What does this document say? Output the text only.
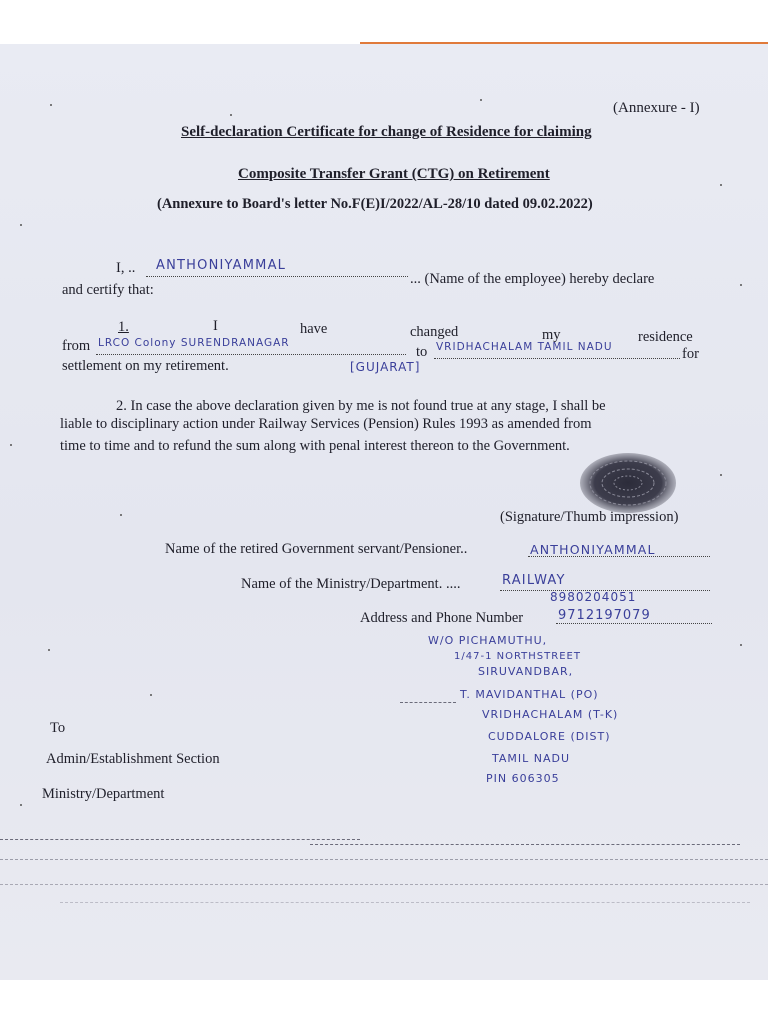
(Annexure - I)
Self-declaration Certificate for change of Residence for claiming
Composite Transfer Grant (CTG) on Retirement
(Annexure to Board's letter No.F(E)I/2022/AL-28/10 dated 09.02.2022)
I, .. ANTHONIYAMMAL
... (Name of the employee) hereby declare
and certify that:
1.	I	have	changed	my	residence
from LRCO Colony SURENDRANAGAR
to VRIDHACHALAM TAMIL NADU	for
settlement on my retirement.	[GUJARAT]
2. In case the above declaration given by me is not found true at any stage, I shall be
liable to disciplinary action under Railway Services (Pension) Rules 1993 as amended from
time to time and to refund the sum along with penal interest thereon to the Government.
(Signature/Thumb impression)
Name of the retired Government servant/Pensioner..	ANTHONIYAMMAL
Name of the Ministry/Department. ....	RAILWAY
8980204051
Address and Phone Number	9712197079
W/O PICHAMUTHU,
1/47-1 NORTHSTREET
SIRUVANDBAR,
T. MAVIDANTHAL (PO)
VRIDHACHALAM (T-K)
CUDDALORE (DIST)
TAMIL NADU
PIN 606305
To
Admin/Establishment Section
Ministry/Department
